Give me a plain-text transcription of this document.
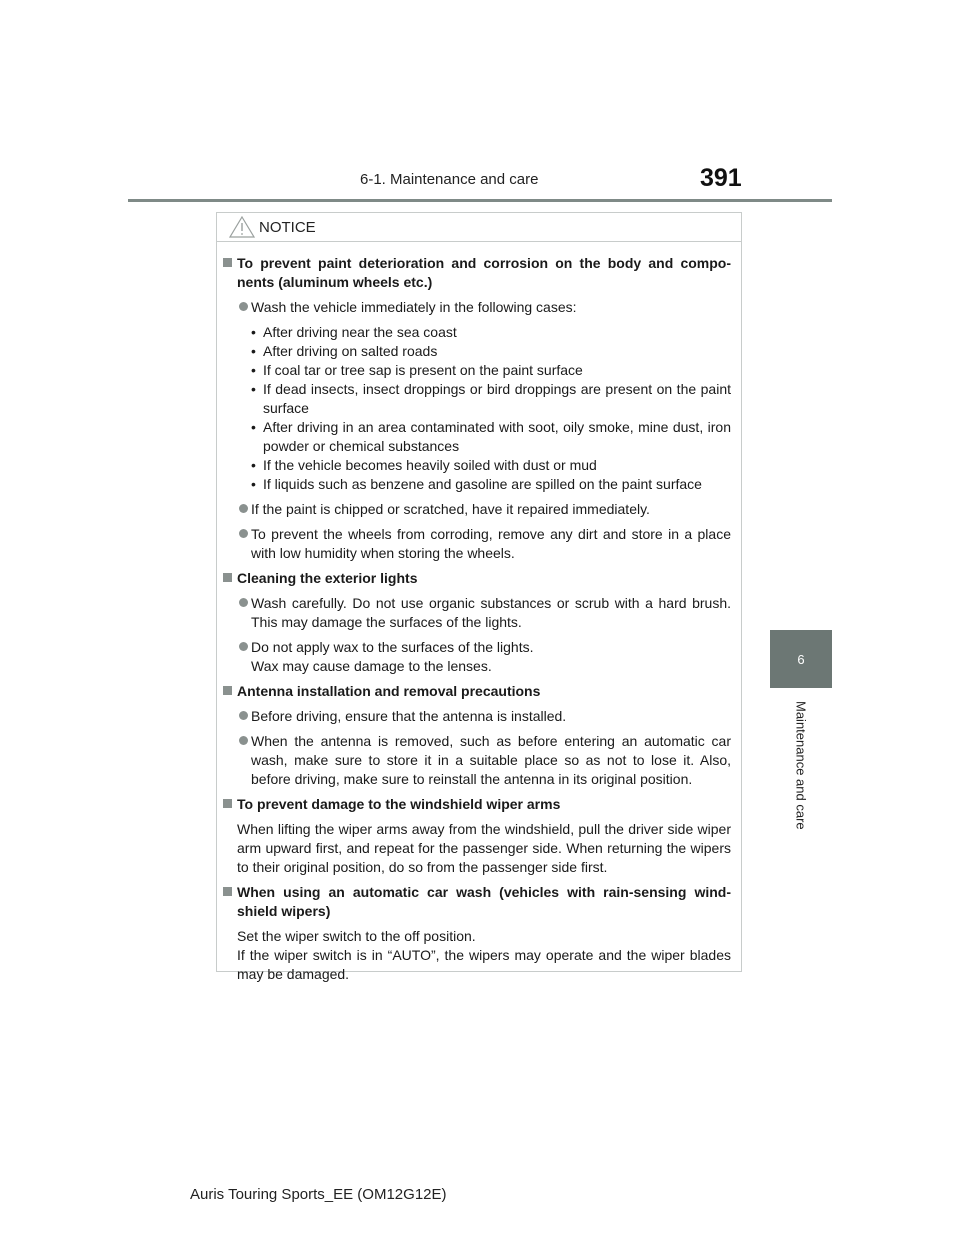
6-1. Maintenance and care	391
6
Maintenance and care
NOTICE
To prevent paint deterioration and corrosion on the body and compo-nents (aluminum wheels etc.)
Wash the vehicle immediately in the following cases:
• After driving near the sea coast
• After driving on salted roads
• If coal tar or tree sap is present on the paint surface
• If dead insects, insect droppings or bird droppings are present on the paint surface
• After driving in an area contaminated with soot, oily smoke, mine dust, iron powder or chemical substances
• If the vehicle becomes heavily soiled with dust or mud
• If liquids such as benzene and gasoline are spilled on the paint surface
If the paint is chipped or scratched, have it repaired immediately.
To prevent the wheels from corroding, remove any dirt and store in a place with low humidity when storing the wheels.
Cleaning the exterior lights
Wash carefully. Do not use organic substances or scrub with a hard brush. This may damage the surfaces of the lights.
Do not apply wax to the surfaces of the lights.
Wax may cause damage to the lenses.
Antenna installation and removal precautions
Before driving, ensure that the antenna is installed.
When the antenna is removed, such as before entering an automatic car wash, make sure to store it in a suitable place so as not to lose it. Also, before driving, make sure to reinstall the antenna in its original position.
To prevent damage to the windshield wiper arms
When lifting the wiper arms away from the windshield, pull the driver side wiper arm upward first, and repeat for the passenger side. When returning the wipers to their original position, do so from the passenger side first.
When using an automatic car wash (vehicles with rain-sensing wind-shield wipers)
Set the wiper switch to the off position.
If the wiper switch is in “AUTO”, the wipers may operate and the wiper blades may be damaged.
Auris Touring Sports_EE (OM12G12E)
